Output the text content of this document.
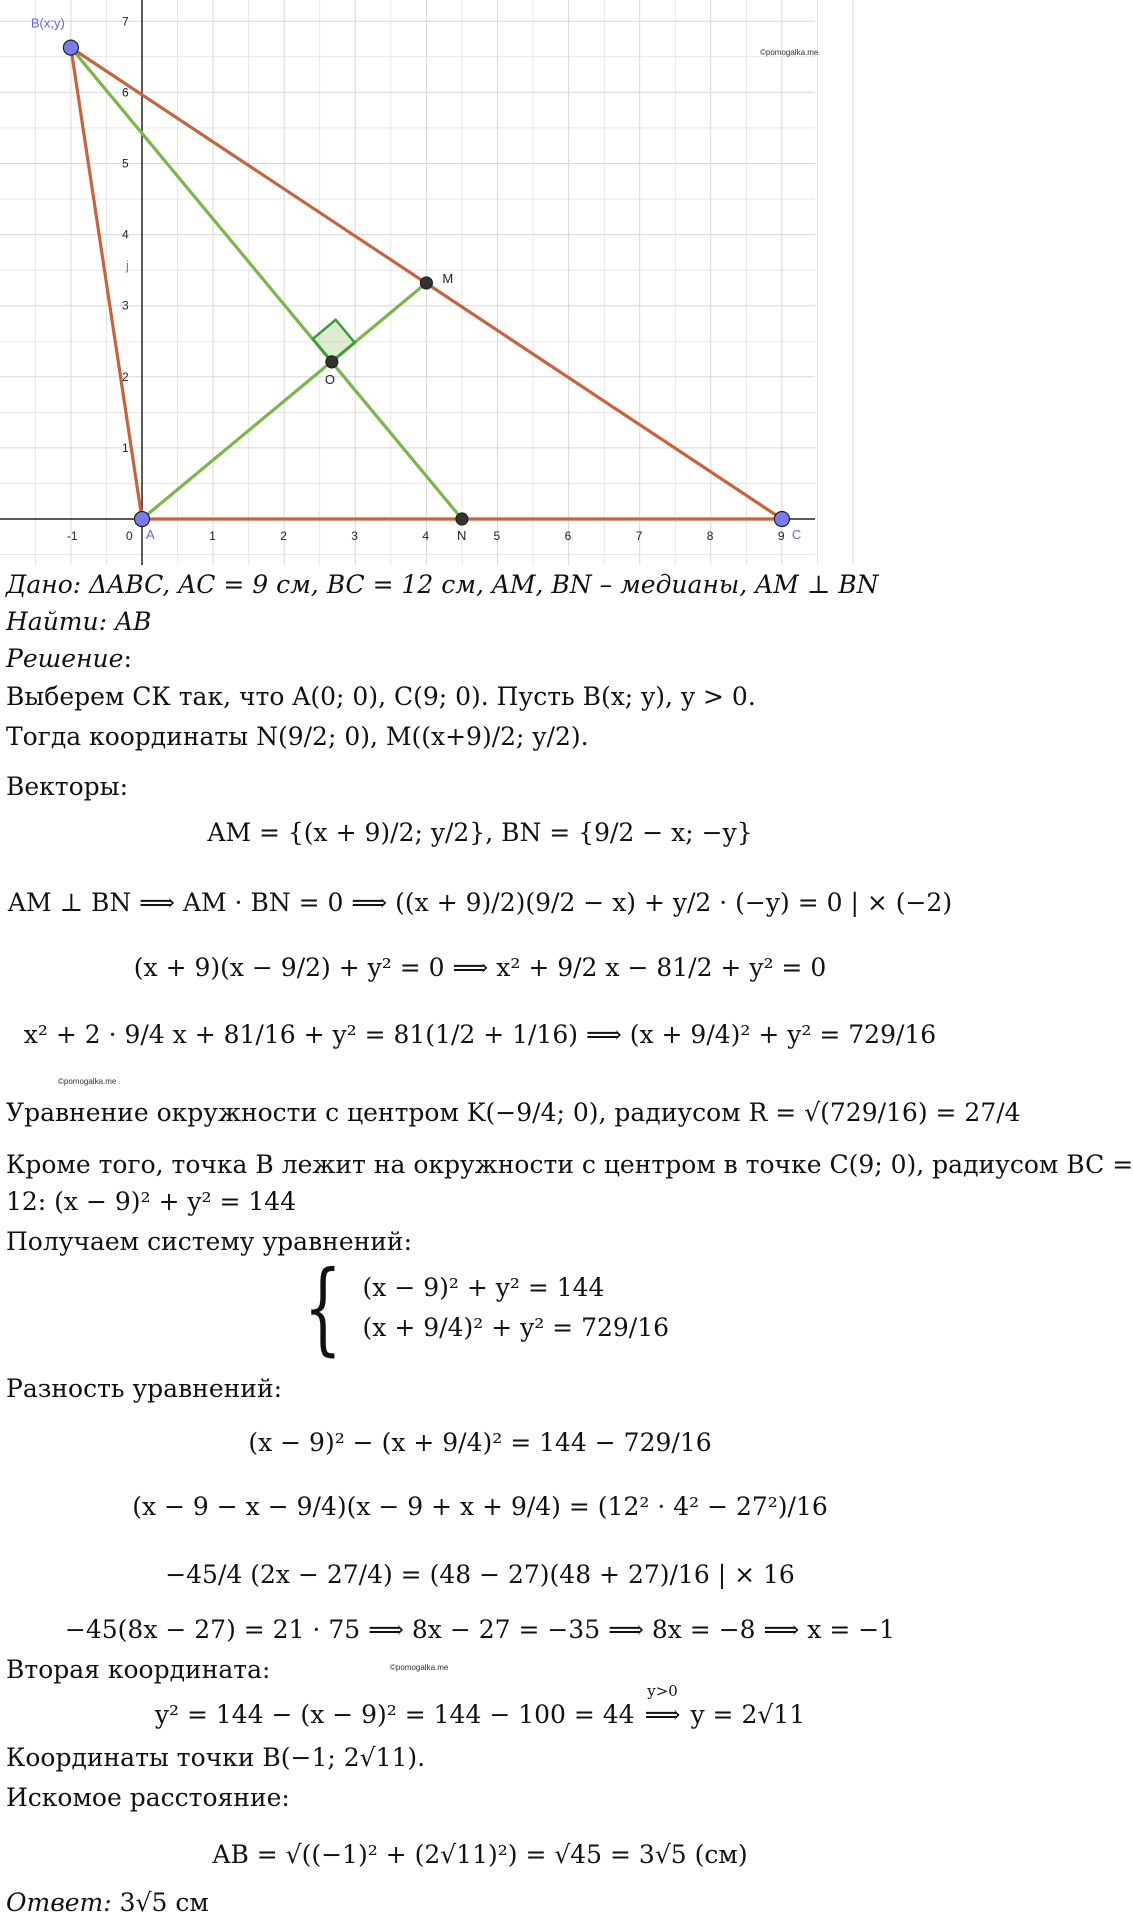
-1	0	1	2	3	4	5	6	7	8	9
1
2
3
4
5
6
7
j
©pomogalka.me
B(x;y)
A	C
M
N
O
©pomogalka.me
©pomogalka.me
Дано: ΔABC, AC = 9 см, BC = 12 см, AM, BN – медианы, AM ⊥ BN
Найти: AB
Решение:
Выберем СК так, что A(0; 0), C(9; 0). Пусть B(x; y), y > 0.
Тогда координаты N(9/2; 0), M((x+9)/2; y/2).
Векторы:
AM = {(x + 9)/2; y/2}, BN = {9/2 − x; −y}
AM ⊥ BN ⟹ AM · BN = 0 ⟹ ((x + 9)/2)(9/2 − x) + y/2 · (−y) = 0 | × (−2)
(x + 9)(x − 9/2) + y² = 0 ⟹ x² + 9/2 x − 81/2 + y² = 0
x² + 2 · 9/4 x + 81/16 + y² = 81(1/2 + 1/16) ⟹ (x + 9/4)² + y² = 729/16
Уравнение окружности с центром K(−9/4; 0), радиусом R = √(729/16) = 27/4
Кроме того, точка B лежит на окружности с центром в точке C(9; 0), радиусом BC =
12: (x − 9)² + y² = 144
Получаем систему уравнений:
{ (x − 9)² + y² = 144
(x + 9/4)² + y² = 729/16
Разность уравнений:
(x − 9)² − (x + 9/4)² = 144 − 729/16
(x − 9 − x − 9/4)(x − 9 + x + 9/4) = (12² · 4² − 27²)/16
−45/4 (2x − 27/4) = (48 − 27)(48 + 27)/16 | × 16
−45(8x − 27) = 21 · 75 ⟹ 8x − 27 = −35 ⟹ 8x = −8 ⟹ x = −1
Вторая координата:
y² = 144 − (x − 9)² = 144 − 100 = 44
y>0
⟹ y = 2√11
Координаты точки B(−1; 2√11).
Искомое расстояние:
AB = √((−1)² + (2√11)²) = √45 = 3√5 (см)
Ответ: 3√5 см
